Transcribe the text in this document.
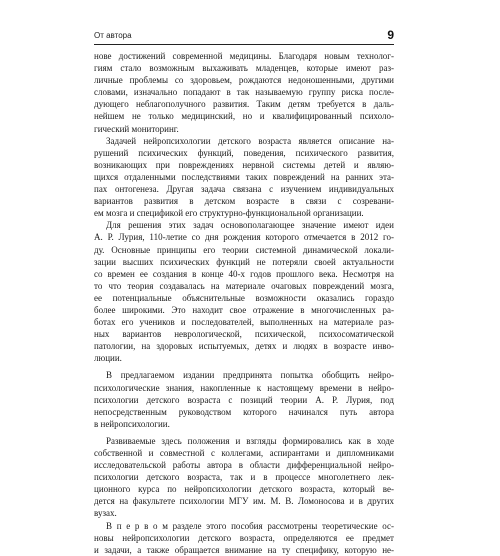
От автора	9
нове достижений современной медицины. Благодаря новым технолог-
гиям стало возможным выхаживать младенцев, которые имеют раз-
личные проблемы со здоровьем, рождаются недоношенными, другими
словами, изначально попадают в так называемую группу риска после-
дующего неблагополучного развития. Таким детям требуется в даль-
нейшем не только медицинский, но и квалифицированный психоло-
гический мониторинг.
Задачей нейропсихологии детского возраста является описание на-
рушений психических функций, поведения, психического развития,
возникающих при повреждениях нервной системы детей и являю-
щихся отдаленными последствиями таких повреждений на ранних эта-
пах онтогенеза. Другая задача связана с изучением индивидуальных
вариантов развития в детском возрасте в связи с созревани-
ем мозга и спецификой его структурно-функциональной организации.
Для решения этих задач основополагающее значение имеют идеи
А. Р. Лурия, 110-летие со дня рождения которого отмечается в 2012 го-
ду. Основные принципы его теории системной динамической локали-
зации высших психических функций не потеряли своей актуальности
со времен ее создания в конце 40-х годов прошлого века. Несмотря на
то что теория создавалась на материале очаговых повреждений мозга,
ее потенциальные объяснительные возможности оказались гораздо
более широкими. Это находит свое отражение в многочисленных ра-
ботах его учеников и последователей, выполненных на материале раз-
ных вариантов неврологической, психической, психосоматической
патологии, на здоровых испытуемых, детях и людях в возрасте инво-
люции.
В предлагаемом издании предпринята попытка обобщить нейро-
психологические знания, накопленные к настоящему времени в нейро-
психологии детского возраста с позиций теории А. Р. Лурия, под
непосредственным руководством которого начинался путь автора
в нейропсихологии.
Развиваемые здесь положения и взгляды формировались как в ходе
собственной и совместной с коллегами, аспирантами и дипломниками
исследовательской работы автора в области дифференциальной нейро-
психологии детского возраста, так и в процессе многолетнего лек-
ционного курса по нейропсихологии детского возраста, который ве-
дется на факультете психологии МГУ им. М. В. Ломоносова и в других
вузах.
В п е р в о м разделе этого пособия рассмотрены теоретические ос-
новы нейропсихологии детского возраста, определяются ее предмет
и задачи, а также обращается внимание на ту специфику, которую не-
